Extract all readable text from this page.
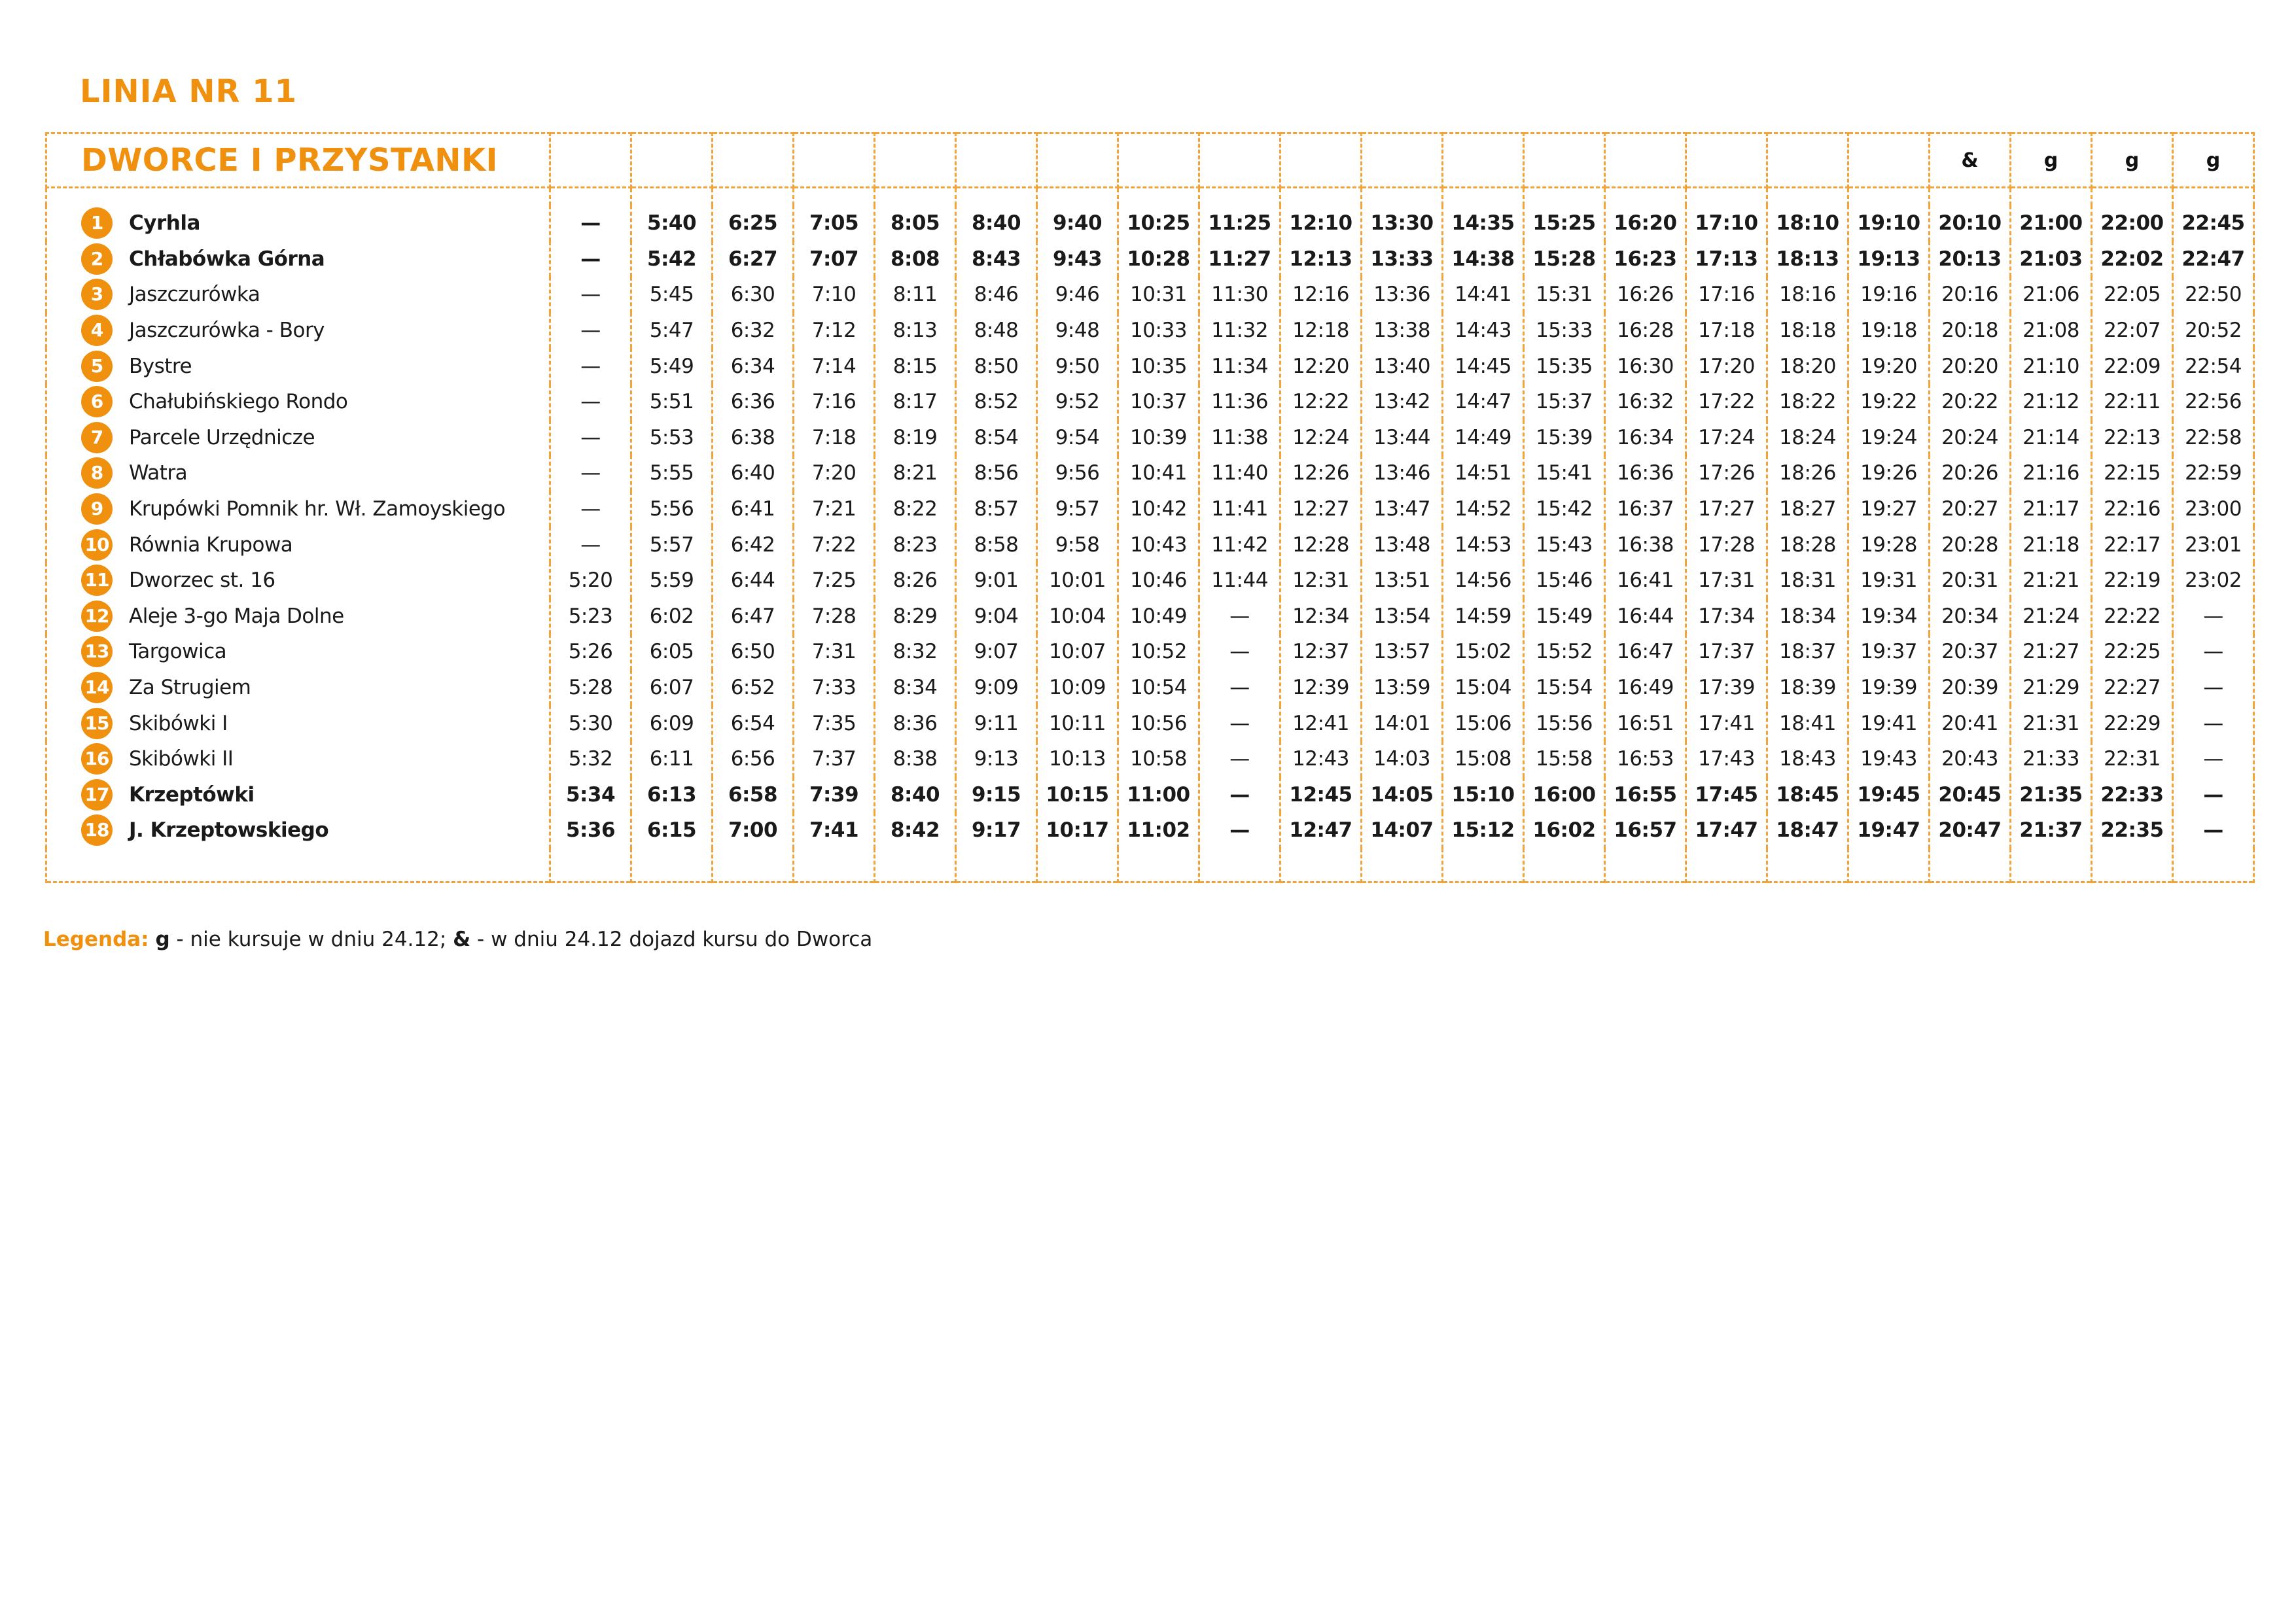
LINIA NR 11
DWORCE I PRZYSTANKI																		&	g	g	g

1 Cyrhla	—	5:40	6:25	7:05	8:05	8:40	9:40	10:25	11:25	12:10	13:30	14:35	15:25	16:20	17:10	18:10	19:10	20:10	21:00	22:00	22:45
2 Chłabówka Górna	—	5:42	6:27	7:07	8:08	8:43	9:43	10:28	11:27	12:13	13:33	14:38	15:28	16:23	17:13	18:13	19:13	20:13	21:03	22:02	22:47
3 Jaszczurówka	—	5:45	6:30	7:10	8:11	8:46	9:46	10:31	11:30	12:16	13:36	14:41	15:31	16:26	17:16	18:16	19:16	20:16	21:06	22:05	22:50
4 Jaszczurówka - Bory	—	5:47	6:32	7:12	8:13	8:48	9:48	10:33	11:32	12:18	13:38	14:43	15:33	16:28	17:18	18:18	19:18	20:18	21:08	22:07	20:52
5 Bystre	—	5:49	6:34	7:14	8:15	8:50	9:50	10:35	11:34	12:20	13:40	14:45	15:35	16:30	17:20	18:20	19:20	20:20	21:10	22:09	22:54
6 Chałubińskiego Rondo	—	5:51	6:36	7:16	8:17	8:52	9:52	10:37	11:36	12:22	13:42	14:47	15:37	16:32	17:22	18:22	19:22	20:22	21:12	22:11	22:56
7 Parcele Urzędnicze	—	5:53	6:38	7:18	8:19	8:54	9:54	10:39	11:38	12:24	13:44	14:49	15:39	16:34	17:24	18:24	19:24	20:24	21:14	22:13	22:58
8 Watra	—	5:55	6:40	7:20	8:21	8:56	9:56	10:41	11:40	12:26	13:46	14:51	15:41	16:36	17:26	18:26	19:26	20:26	21:16	22:15	22:59
9 Krupówki Pomnik hr. Wł. Zamoyskiego	—	5:56	6:41	7:21	8:22	8:57	9:57	10:42	11:41	12:27	13:47	14:52	15:42	16:37	17:27	18:27	19:27	20:27	21:17	22:16	23:00
10 Równia Krupowa	—	5:57	6:42	7:22	8:23	8:58	9:58	10:43	11:42	12:28	13:48	14:53	15:43	16:38	17:28	18:28	19:28	20:28	21:18	22:17	23:01
11 Dworzec st. 16	5:20	5:59	6:44	7:25	8:26	9:01	10:01	10:46	11:44	12:31	13:51	14:56	15:46	16:41	17:31	18:31	19:31	20:31	21:21	22:19	23:02
12 Aleje 3-go Maja Dolne	5:23	6:02	6:47	7:28	8:29	9:04	10:04	10:49	—	12:34	13:54	14:59	15:49	16:44	17:34	18:34	19:34	20:34	21:24	22:22	—
13 Targowica	5:26	6:05	6:50	7:31	8:32	9:07	10:07	10:52	—	12:37	13:57	15:02	15:52	16:47	17:37	18:37	19:37	20:37	21:27	22:25	—
14 Za Strugiem	5:28	6:07	6:52	7:33	8:34	9:09	10:09	10:54	—	12:39	13:59	15:04	15:54	16:49	17:39	18:39	19:39	20:39	21:29	22:27	—
15 Skibówki I	5:30	6:09	6:54	7:35	8:36	9:11	10:11	10:56	—	12:41	14:01	15:06	15:56	16:51	17:41	18:41	19:41	20:41	21:31	22:29	—
16 Skibówki II	5:32	6:11	6:56	7:37	8:38	9:13	10:13	10:58	—	12:43	14:03	15:08	15:58	16:53	17:43	18:43	19:43	20:43	21:33	22:31	—
17 Krzeptówki	5:34	6:13	6:58	7:39	8:40	9:15	10:15	11:00	—	12:45	14:05	15:10	16:00	16:55	17:45	18:45	19:45	20:45	21:35	22:33	—
18 J. Krzeptowskiego	5:36	6:15	7:00	7:41	8:42	9:17	10:17	11:02	—	12:47	14:07	15:12	16:02	16:57	17:47	18:47	19:47	20:47	21:37	22:35	—

Legenda: g - nie kursuje w dniu 24.12; & - w dniu 24.12 dojazd kursu do Dworca
